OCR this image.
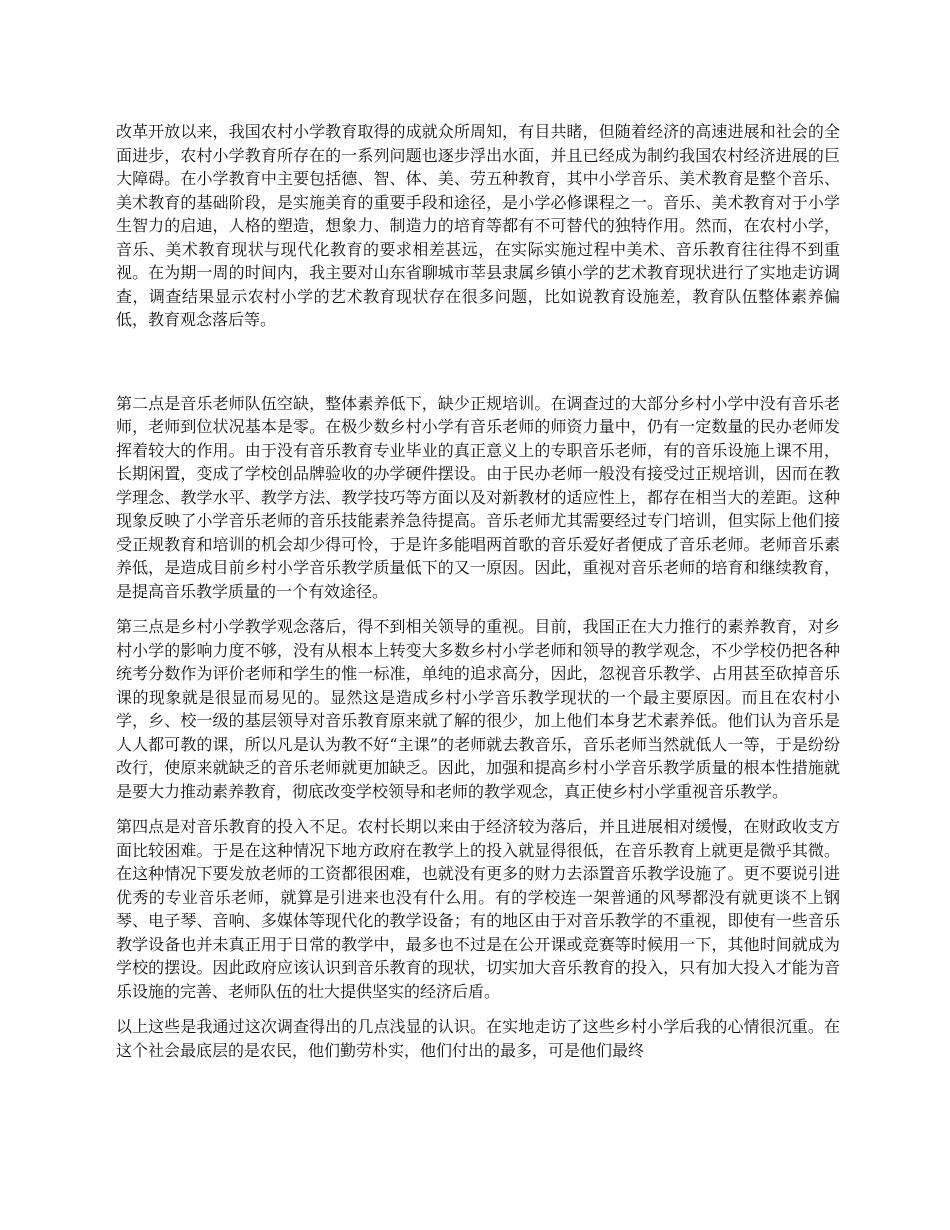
改革开放以来，我国农村小学教育取得的成就众所周知，有目共睹，但随着经济的高速进展和社会的全面进步，农村小学教育所存在的一系列问题也逐步浮出水面，并且已经成为制约我国农村经济进展的巨大障碍。在小学教育中主要包括德、智、体、美、劳五种教育，其中小学音乐、美术教育是整个音乐、美术教育的基础阶段，是实施美育的重要手段和途径，是小学必修课程之一。音乐、美术教育对于小学生智力的启迪，人格的塑造，想象力、制造力的培育等都有不可替代的独特作用。然而，在农村小学，音乐、美术教育现状与现代化教育的要求相差甚远，在实际实施过程中美术、音乐教育往往得不到重视。在为期一周的时间内，我主要对山东省聊城市莘县隶属乡镇小学的艺术教育现状进行了实地走访调查，调查结果显示农村小学的艺术教育现状存在很多问题，比如说教育设施差，教育队伍整体素养偏低，教育观念落后等。

第二点是音乐老师队伍空缺，整体素养低下，缺少正规培训。在调查过的大部分乡村小学中没有音乐老师，老师到位状况基本是零。在极少数乡村小学有音乐老师的师资力量中，仍有一定数量的民办老师发挥着较大的作用。由于没有音乐教育专业毕业的真正意义上的专职音乐老师，有的音乐设施上课不用，长期闲置，变成了学校创品牌验收的办学硬件摆设。由于民办老师一般没有接受过正规培训，因而在教学理念、教学水平、教学方法、教学技巧等方面以及对新教材的适应性上，都存在相当大的差距。这种现象反映了小学音乐老师的音乐技能素养急待提高。音乐老师尤其需要经过专门培训，但实际上他们接受正规教育和培训的机会却少得可怜，于是许多能唱两首歌的音乐爱好者便成了音乐老师。老师音乐素养低，是造成目前乡村小学音乐教学质量低下的又一原因。因此，重视对音乐老师的培育和继续教育，是提高音乐教学质量的一个有效途径。

第三点是乡村小学教学观念落后，得不到相关领导的重视。目前，我国正在大力推行的素养教育，对乡村小学的影响力度不够，没有从根本上转变大多数乡村小学老师和领导的教学观念，不少学校仍把各种统考分数作为评价老师和学生的惟一标准，单纯的追求高分，因此，忽视音乐教学、占用甚至砍掉音乐课的现象就是很显而易见的。显然这是造成乡村小学音乐教学现状的一个最主要原因。而且在农村小学，乡、校一级的基层领导对音乐教育原来就了解的很少，加上他们本身艺术素养低。他们认为音乐是人人都可教的课，所以凡是认为教不好“主课”的老师就去教音乐，音乐老师当然就低人一等，于是纷纷改行，使原来就缺乏的音乐老师就更加缺乏。因此，加强和提高乡村小学音乐教学质量的根本性措施就是要大力推动素养教育，彻底改变学校领导和老师的教学观念，真正使乡村小学重视音乐教学。

第四点是对音乐教育的投入不足。农村长期以来由于经济较为落后，并且进展相对缓慢，在财政收支方面比较困难。于是在这种情况下地方政府在教学上的投入就显得很低，在音乐教育上就更是微乎其微。在这种情况下要发放老师的工资都很困难，也就没有更多的财力去添置音乐教学设施了。更不要说引进优秀的专业音乐老师，就算是引进来也没有什么用。有的学校连一架普通的风琴都没有就更谈不上钢琴、电子琴、音响、多媒体等现代化的教学设备；有的地区由于对音乐教学的不重视，即使有一些音乐教学设备也并未真正用于日常的教学中，最多也不过是在公开课或竞赛等时候用一下，其他时间就成为学校的摆设。因此政府应该认识到音乐教育的现状，切实加大音乐教育的投入，只有加大投入才能为音乐设施的完善、老师队伍的壮大提供坚实的经济后盾。

以上这些是我通过这次调查得出的几点浅显的认识。在实地走访了这些乡村小学后我的心情很沉重。在这个社会最底层的是农民，他们勤劳朴实，他们付出的最多，可是他们最终
